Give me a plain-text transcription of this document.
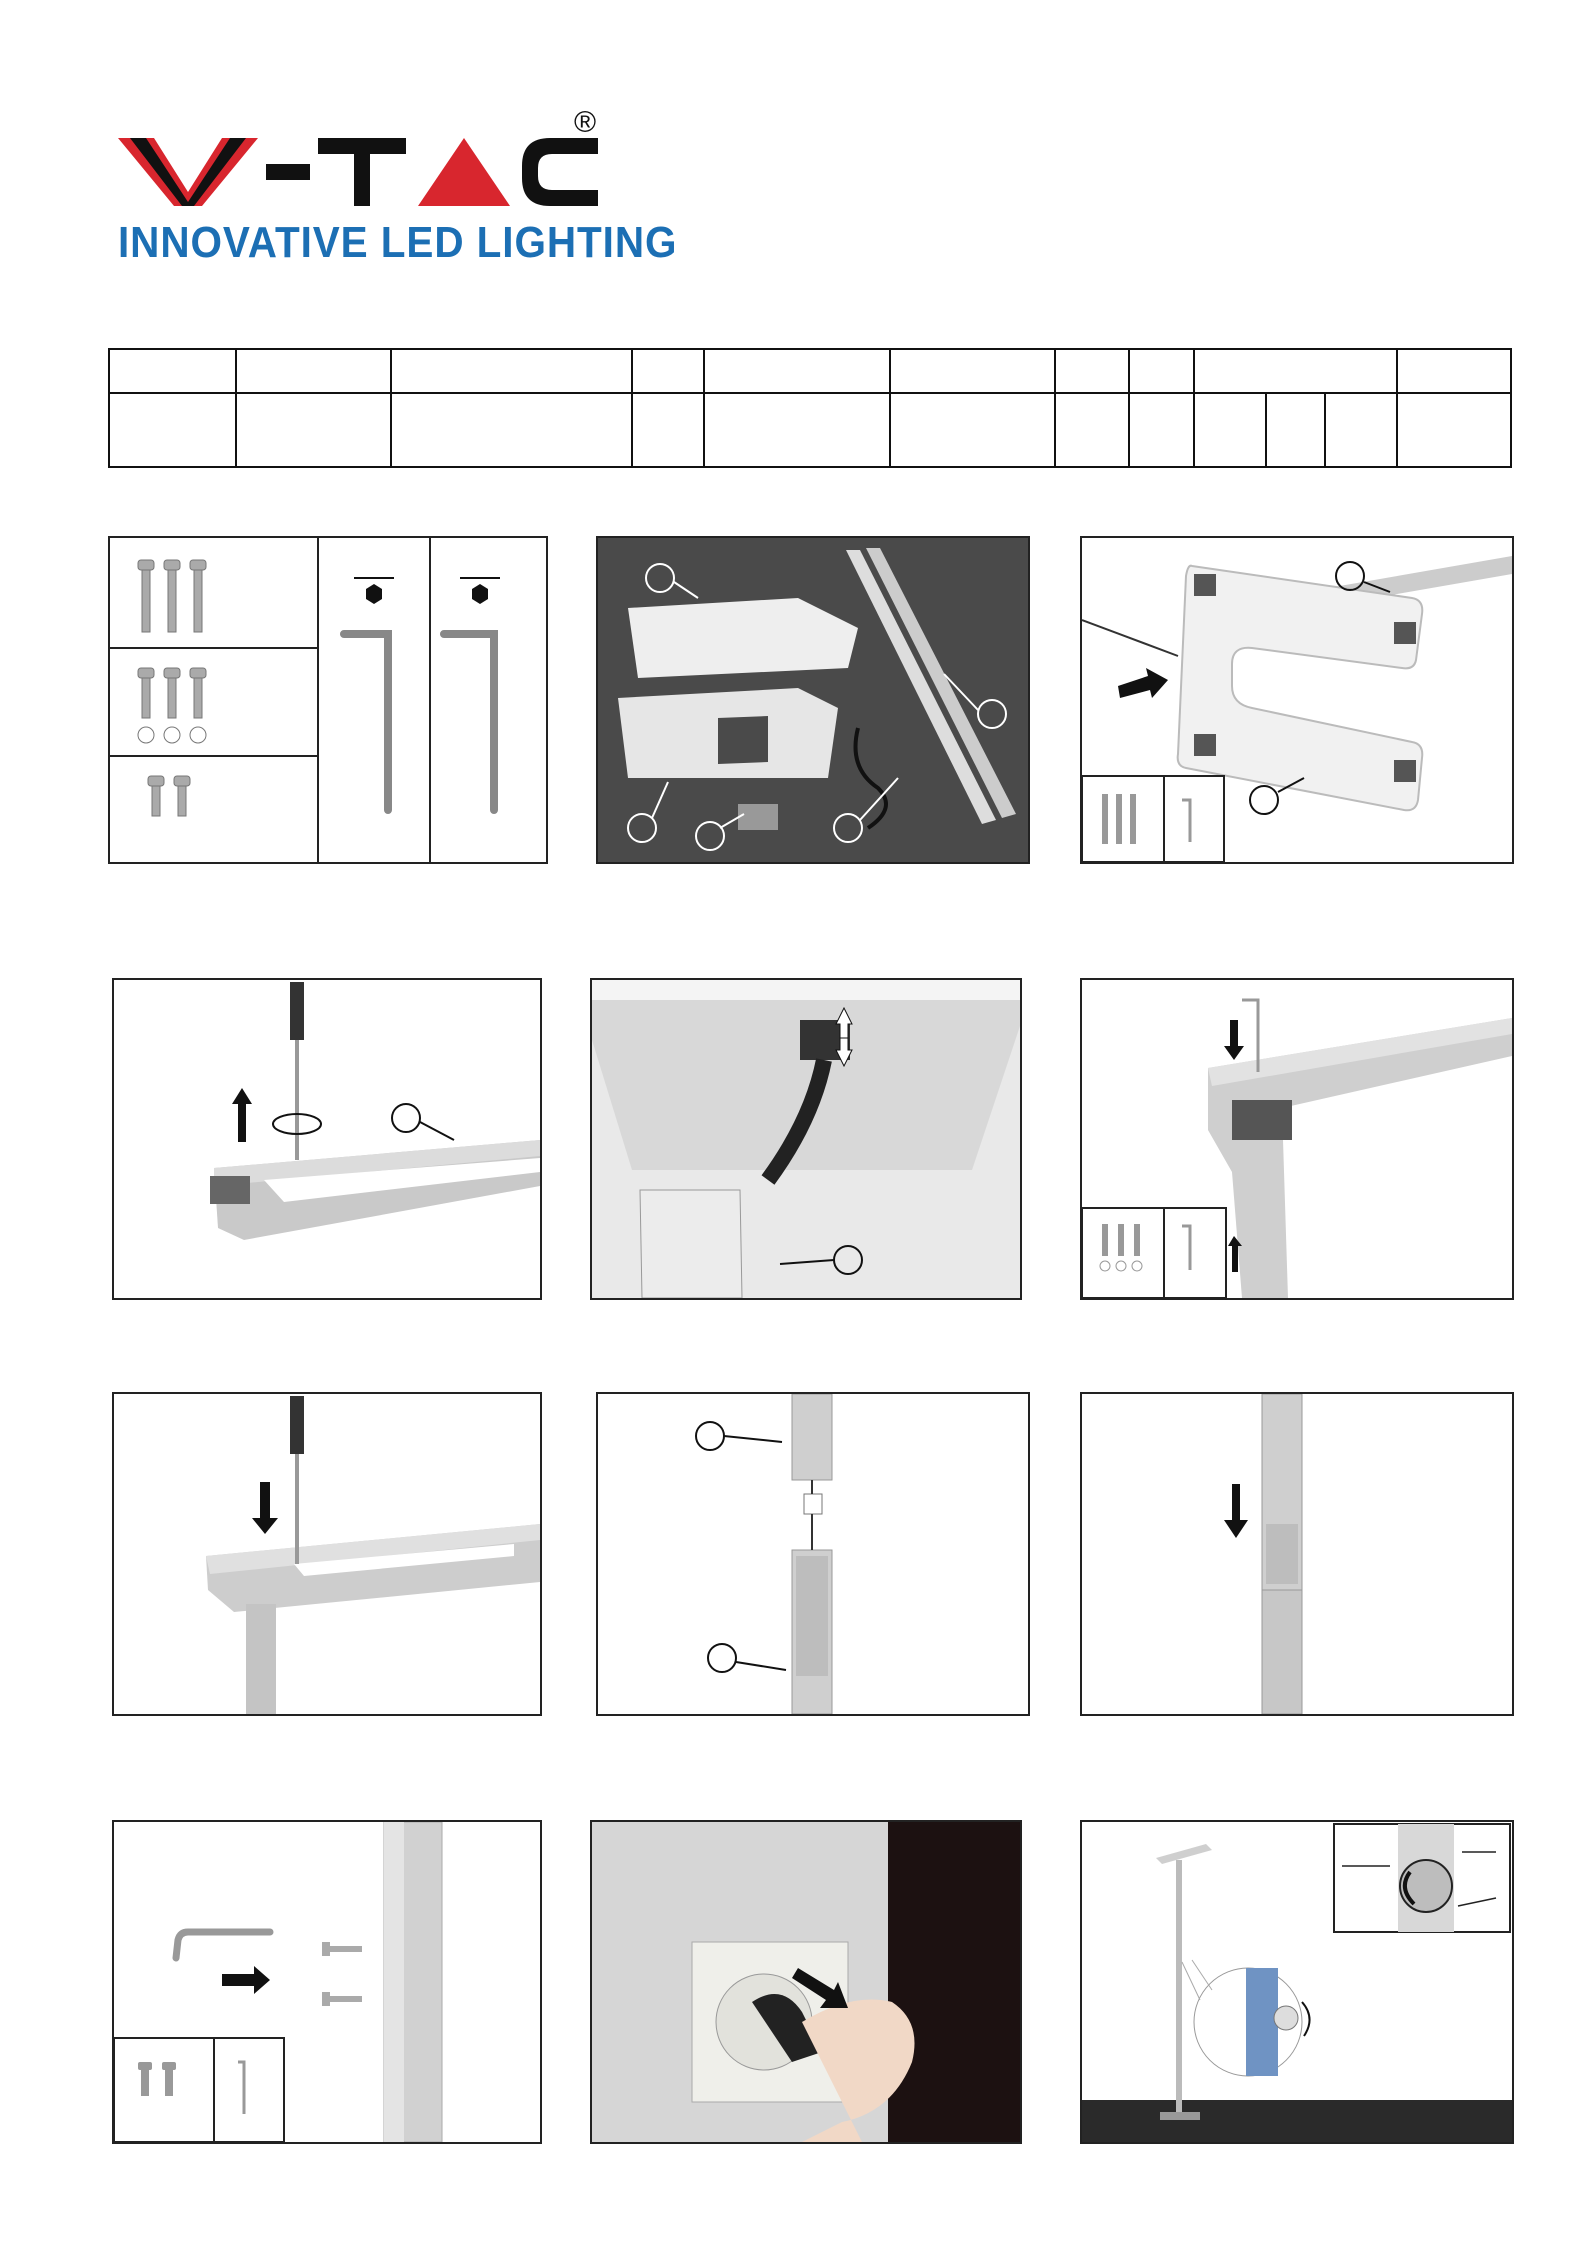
®
INNOVATIVE LED LIGHTING
